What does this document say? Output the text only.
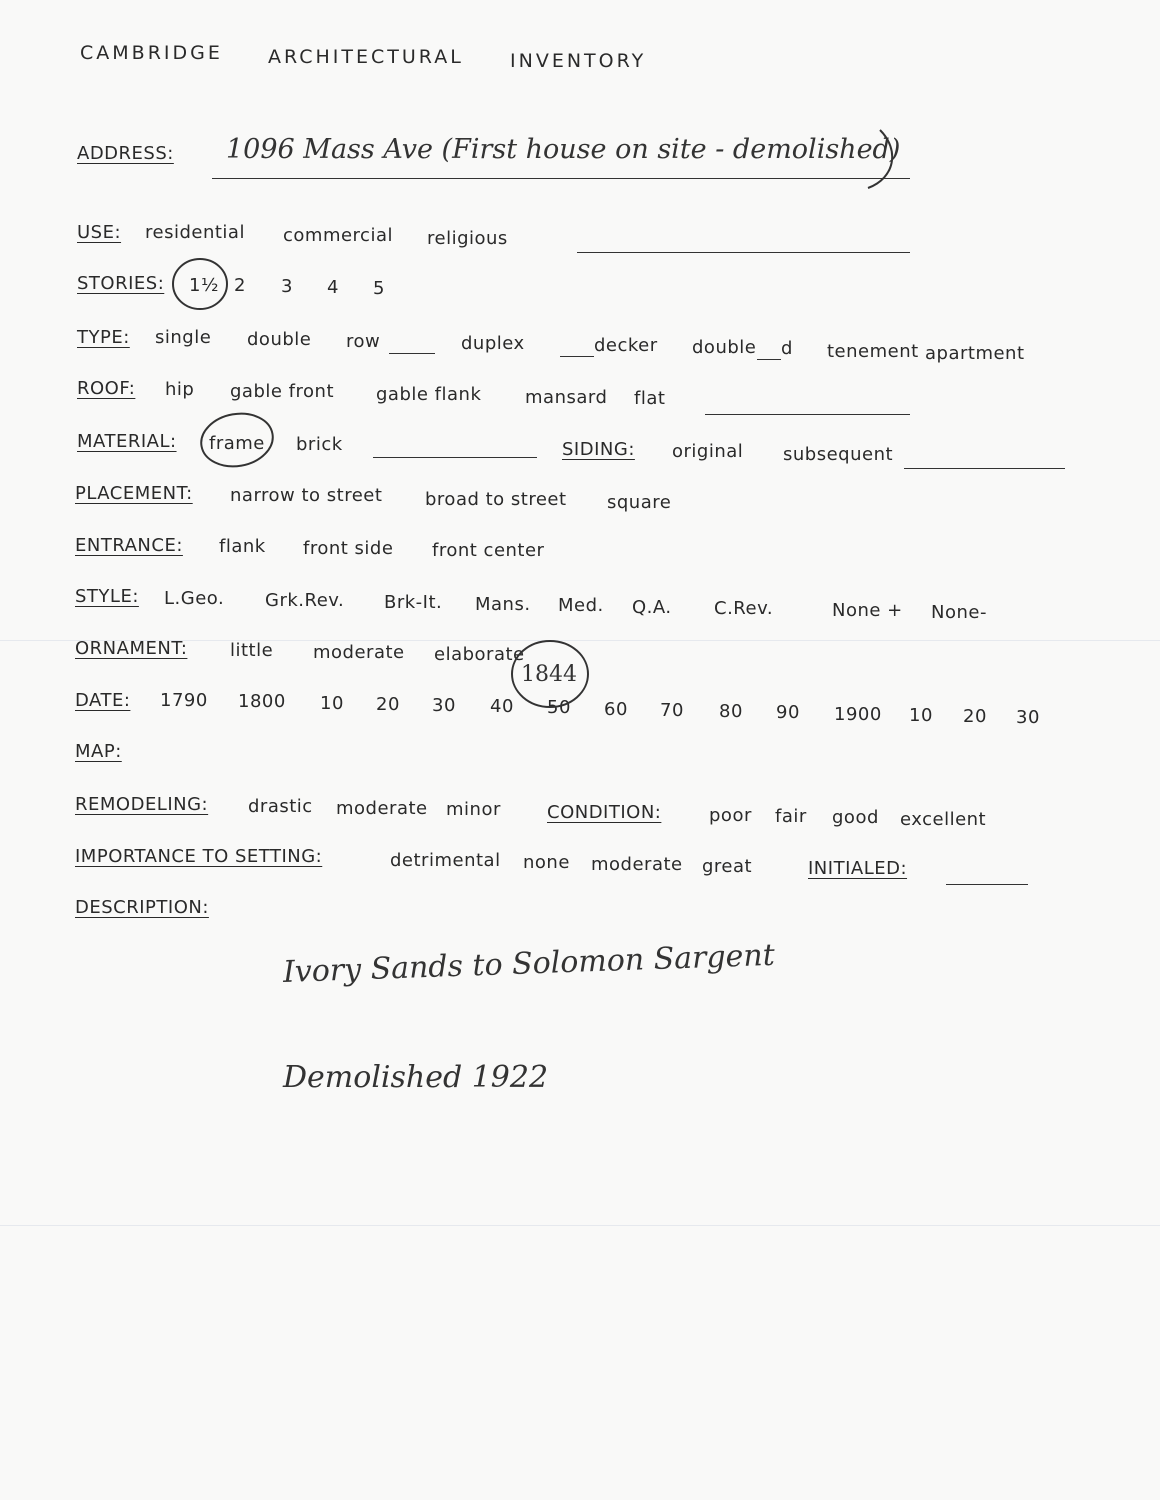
CAMBRIDGE ARCHITECTURAL INVENTORY
ADDRESS: 1096 Mass Ave (First house on site - demolished)
USE: residential commercial religious
STORIES: 1½ 2 3 4 5
TYPE: single double row	duplex	decker double d tenement apartment
ROOF: hip gable front gable flank mansard flat
MATERIAL: frame brick	SIDING: original subsequent
PLACEMENT: narrow to street broad to street square
ENTRANCE: flank front side front center
STYLE: L.Geo. Grk.Rev. Brk-It. Mans. Med. Q.A. C.Rev.	None + None-
ORNAMENT: little moderate elaborate
DATE: 1790 1800 10 20 30 40 50 60 70 80 90 1900 10 20 30
1844
MAP:
REMODELING: drastic moderate minor	CONDITION:	poor fair good excellent
IMPORTANCE TO SETTING:	detrimental none moderate great	INITIALED:
DESCRIPTION:
Ivory Sands to Solomon Sargent
Demolished 1922
